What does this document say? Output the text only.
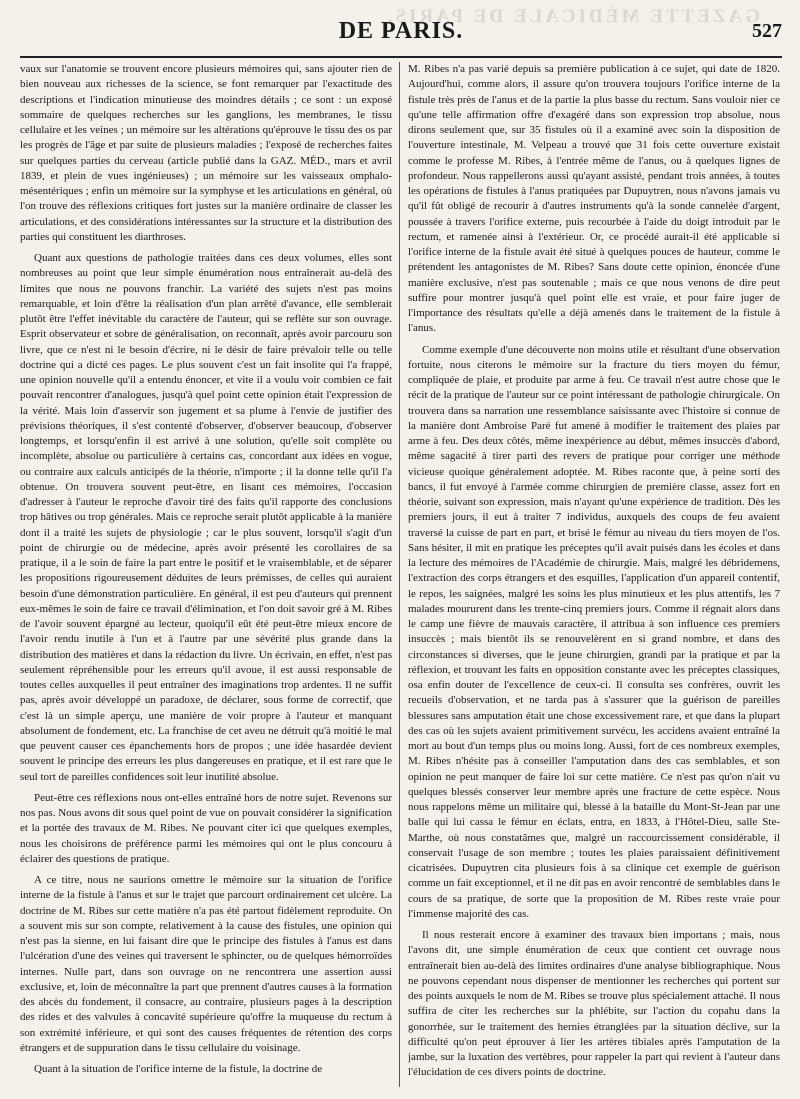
GAZETTE MÉDICALE DE PARIS.
DE PARIS.	527

vaux sur l'anatomie se trouvent encore plusieurs mémoires qui, sans ajouter rien de bien nouveau aux richesses de la science, se font remarquer par l'exactitude des descriptions et l'indication minutieuse des moindres détails ; ce sont : un exposé sommaire de quelques recherches sur les ganglions, les membranes, le tissu cellulaire et les veines ; un mémoire sur les altérations qu'éprouve le tissu des os par les progrès de l'âge et par suite de plusieurs maladies ; l'exposé de recherches faites sur quelques parties du cerveau (article publié dans la GAZ. MÉD., mars et avril 1839, et plein de vues ingénieuses) ; un mémoire sur les vaisseaux omphalo-mésentériques ; enfin un mémoire sur la symphyse et les articulations en général, où l'on trouve des réflexions critiques fort justes sur la manière ordinaire de classer les articulations, et des considérations intéressantes sur la structure et la distribution des parties qui constituent les diarthroses.

Quant aux questions de pathologie traitées dans ces deux volumes, elles sont nombreuses au point que leur simple énumération nous entraînerait au-delà des limites que nous ne pouvons franchir. La variété des sujets n'est pas moins remarquable, et loin d'être la réalisation d'un plan arrêté d'avance, elle semblerait plutôt être l'effet inévitable du caractère de l'auteur, qui se reflète sur son ouvrage. Esprit observateur et sobre de généralisation, on reconnaît, après avoir parcouru son livre, que ce n'est ni le besoin d'écrire, ni le désir de faire prévaloir telle ou telle doctrine qui a dicté ces pages. Le plus souvent c'est un fait insolite qui l'a frappé, une opinion nouvelle qu'il a entendu énoncer, et vite il a voulu voir combien ce fait pouvait rencontrer d'analogues, jusqu'à quel point cette opinion était l'expression de la vérité. Mais loin d'asservir son jugement et sa plume à l'envie de justifier des prévisions théoriques, il s'est contenté d'observer, d'observer beaucoup, d'observer longtemps, et lorsqu'enfin il est arrivé à une solution, qu'elle soit complète ou incomplète, absolue ou particulière à certains cas, concordant aux idées en vogue, ou contraire aux calculs anticipés de la théorie, n'importe ; il la donne telle qu'il l'a obtenue. On trouvera souvent peut-être, en lisant ces mémoires, l'occasion d'adresser à l'auteur le reproche d'avoir tiré des faits qu'il rapporte des conclusions trop hâtives ou trop générales. Mais ce reproche serait plutôt applicable à la manière dont il a traité les sujets de physiologie ; car le plus souvent, lorsqu'il s'agit d'un point de chirurgie ou de médecine, après avoir présenté les corollaires de sa pratique, il a le soin de faire la part entre le positif et le vraisemblable, et de séparer les propositions rigoureusement déduites de leurs prémisses, de celles qui auraient besoin d'une démonstration particulière. En général, il est peu d'auteurs qui prennent eux-mêmes le soin de faire ce travail d'élimination, et l'on doit savoir gré à M. Ribes de l'avoir souvent épargné au lecteur, quoiqu'il eût été peut-être mieux encore de l'avoir rendu inutile à l'un et à l'autre par une sévérité plus grande dans la distribution des matières et dans la rédaction du livre. Un écrivain, en effet, n'est pas seulement répréhensible pour les erreurs qu'il avoue, il est aussi responsable de toutes celles auxquelles il peut entraîner des imaginations trop ardentes. Il ne suffit pas, après avoir développé un paradoxe, de déclarer, sous forme de correctif, que c'est là un simple aperçu, une manière de voir propre à l'auteur et manquant absolument de fondement, etc. La franchise de cet aveu ne détruit qu'à moitié le mal que peuvent causer ces épanchements hors de propos ; une idée hasardée devient souvent le principe des erreurs les plus dangereuses en pratique, et il est rare que le seul tort de pareilles confidences soit leur inutilité absolue.

Peut-être ces réflexions nous ont-elles entraîné hors de notre sujet. Revenons sur nos pas. Nous avons dit sous quel point de vue on pouvait considérer la signification et la portée des travaux de M. Ribes. Ne pouvant citer ici que quelques exemples, nous les choisirons de préférence parmi les mémoires qui ont le plus concouru à éclairer des questions de pratique.

A ce titre, nous ne saurions omettre le mémoire sur la situation de l'orifice interne de la fistule à l'anus et sur le trajet que parcourt ordinairement cet ulcère. La doctrine de M. Ribes sur cette matière n'a pas été partout fidèlement reproduite. On a souvent mis sur son compte, relativement à la cause des fistules, une opinion qui n'est pas la sienne, en lui faisant dire que le principe des fistules à l'anus est dans l'ulcération d'une des veines qui traversent le sphincter, ou de quelques hémorroïdes internes. Nulle part, dans son ouvrage on ne rencontrera une assertion aussi exclusive, et, loin de méconnaître la part que prennent d'autres causes à la formation des abcès du fondement, il consacre, au contraire, plusieurs pages à la description des rides et des valvules à concavité supérieure qu'offre la muqueuse du rectum à son extrémité inférieure, et qui sont des causes fréquentes de rétention des corps étrangers et de suppuration dans le tissu cellulaire du voisinage.

Quant à la situation de l'orifice interne de la fistule, la doctrine de

M. Ribes n'a pas varié depuis sa première publication à ce sujet, qui date de 1820. Aujourd'hui, comme alors, il assure qu'on trouvera toujours l'orifice interne de la fistule très près de l'anus et de la partie la plus basse du rectum. Sans vouloir nier ce qu'une telle affirmation offre d'exagéré dans son expression trop absolue, nous dirons seulement que, sur 35 fistules où il a examiné avec soin la disposition de l'ouverture intestinale, M. Velpeau a trouvé que 31 fois cette ouverture existait comme le professe M. Ribes, à l'entrée même de l'anus, ou à quelques lignes de profondeur. Nous rappellerons aussi qu'ayant assisté, pendant trois années, à toutes les opérations de fistules à l'anus pratiquées par Dupuytren, nous n'avons jamais vu qu'il fût obligé de recourir à d'autres instruments qu'à la sonde cannelée d'argent, poussée à travers l'orifice externe, puis recourbée à l'aide du doigt introduit par le rectum, et ramenée ainsi à l'extérieur. Or, ce procédé aurait-il été applicable si l'orifice interne de la fistule avait été situé à quelques pouces de hauteur, comme le prétendent les antagonistes de M. Ribes? Sans doute cette opinion, énoncée d'une manière exclusive, n'est pas soutenable ; mais ce que nous venons de dire peut suffire pour montrer jusqu'à quel point elle est vraie, et pour faire juger de l'importance des résultats qu'elle a déjà amenés dans le traitement de la fistule à l'anus.

Comme exemple d'une découverte non moins utile et résultant d'une observation fortuite, nous citerons le mémoire sur la fracture du tiers moyen du fémur, compliquée de plaie, et produite par arme à feu. Ce travail n'est autre chose que le récit de la pratique de l'auteur sur ce point intéressant de pathologie chirurgicale. On trouvera dans sa narration une ressemblance saisissante avec l'histoire si connue de la manière dont Ambroise Paré fut amené à modifier le traitement des plaies par arme à feu. Des deux côtés, même inexpérience au début, mêmes insuccès d'abord, même sagacité à tirer parti des revers de pratique pour corriger une méthode vicieuse quoique généralement adoptée. M. Ribes raconte que, à peine sorti des bancs, il fut envoyé à l'armée comme chirurgien de première classe, assez fort en théorie, suivant son expression, mais n'ayant qu'une expérience de tradition. Dès les premiers jours, il eut à traiter 7 individus, auxquels des coups de feu avaient traversé la cuisse de part en part, et brisé le fémur au niveau du tiers moyen de l'os. Sans hésiter, il mit en pratique les préceptes qu'il avait puisés dans les écoles et dans la lecture des mémoires de l'Académie de chirurgie. Mais, malgré les débridemens, l'extraction des corps étrangers et des esquilles, l'application d'un appareil contentif, le repos, les saignées, malgré les soins les plus minutieux et les plus attentifs, les 7 malades moururent dans les trente-cinq premiers jours. Comme il régnait alors dans le camp une fièvre de mauvais caractère, il attribua à son influence ces premiers insuccès ; mais bientôt ils se renouvelèrent en si grand nombre, et dans des circonstances si diverses, que le jeune chirurgien, grandi par la pratique et par la réflexion, et trouvant les faits en opposition constante avec les préceptes classiques, osa enfin douter de l'excellence de ceux-ci. Il consulta ses confrères, ouvrit les recueils d'observation, et ne tarda pas à s'assurer que la guérison de pareilles blessures sans amputation était une chose excessivement rare, et que dans la plupart des cas où les sujets avaient primitivement survécu, les accidens avaient entraîné la mort au bout d'un temps plus ou moins long. Aussi, fort de ces nombreux exemples, M. Ribes n'hésite pas à conseiller l'amputation dans des cas semblables, et son opinion ne peut manquer de faire loi sur cette matière. Ce n'est pas qu'on n'ait vu quelques blessés conserver leur membre après une fracture de cette espèce. Nous nous rappelons même un militaire qui, blessé à la bataille du Mont-St-Jean par une balle qui lui cassa le fémur en éclats, entra, en 1833, à l'Hôtel-Dieu, salle Ste-Marthe, où nous constatâmes que, malgré un raccourcissement considérable, il conservait l'usage de son membre ; toutes les plaies paraissaient définitivement cicatrisées. Dupuytren cita plusieurs fois à sa clinique cet exemple de guérison comme un fait exceptionnel, et il ne dit pas en avoir rencontré de semblables dans le cours de sa pratique, de sorte que la proposition de M. Ribes reste vraie pour l'immense majorité des cas.

Il nous resterait encore à examiner des travaux bien importans ; mais, nous l'avons dit, une simple énumération de ceux que contient cet ouvrage nous entraînerait bien au-delà des limites ordinaires d'une analyse bibliographique. Nous ne pouvons cependant nous dispenser de mentionner les recherches qui portent sur des points auxquels le nom de M. Ribes se trouve plus spécialement attaché. Il nous suffira de citer les recherches sur la phlébite, sur l'action du copahu dans la gonorrhée, sur le traitement des hernies étranglées par la situation déclive, sur la difficulté qu'on peut éprouver à lier les artères tibiales après l'amputation de la jambe, sur la luxation des vertèbres, pour rappeler la part qui revient à l'auteur dans l'élucidation de ces divers points de doctrine.
